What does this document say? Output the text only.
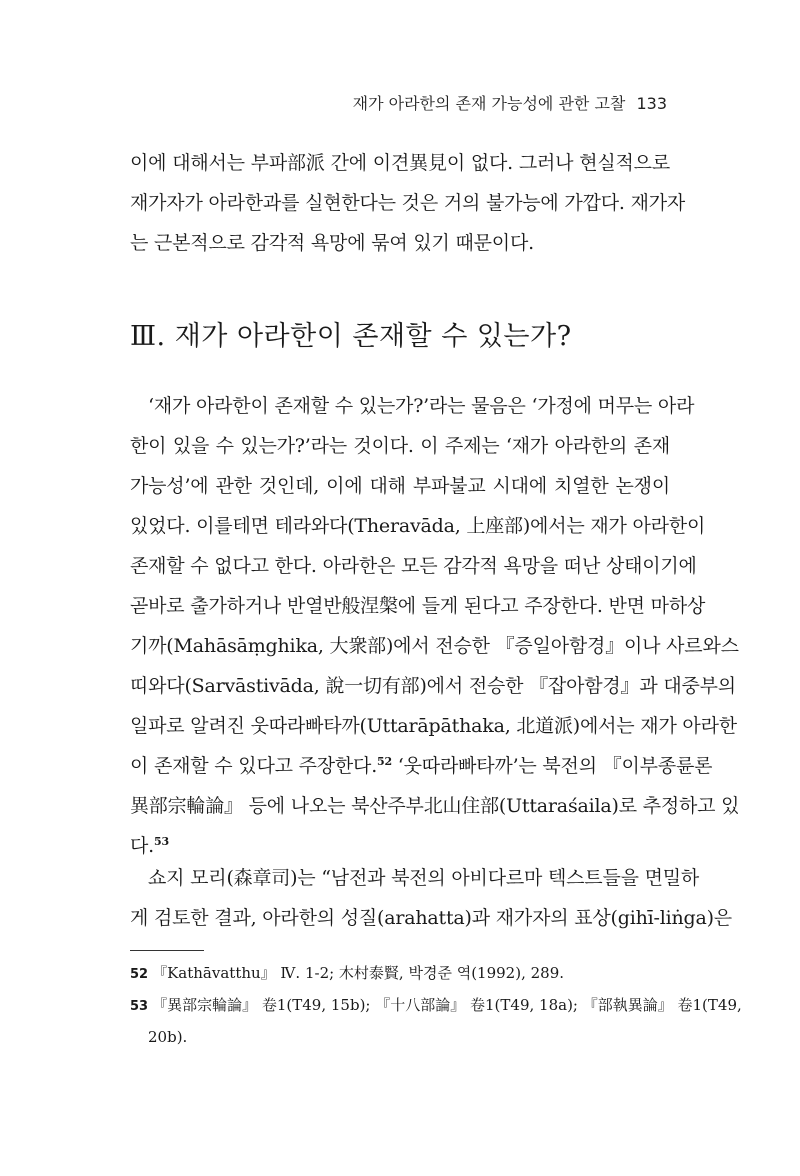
재가 아라한의 존재 가능성에 관한 고찰 133
이에 대해서는 부파部派 간에 이견異見이 없다. 그러나 현실적으로
재가자가 아라한과를 실현한다는 것은 거의 불가능에 가깝다. 재가자
는 근본적으로 감각적 욕망에 묶여 있기 때문이다.
Ⅲ. 재가 아라한이 존재할 수 있는가?
‘재가 아라한이 존재할 수 있는가?’라는 물음은 ‘가정에 머무는 아라
한이 있을 수 있는가?’라는 것이다. 이 주제는 ‘재가 아라한의 존재
가능성’에 관한 것인데, 이에 대해 부파불교 시대에 치열한 논쟁이
있었다. 이를테면 테라와다(Theravāda, 上座部)에서는 재가 아라한이
존재할 수 없다고 한다. 아라한은 모든 감각적 욕망을 떠난 상태이기에
곧바로 출가하거나 반열반般涅槃에 들게 된다고 주장한다. 반면 마하상
기까(Mahāsāṃghika, 大衆部)에서 전승한 『증일아함경』이나 사르와스
띠와다(Sarvāstivāda, 說一切有部)에서 전승한 『잡아함경』과 대중부의
일파로 알려진 웃따라빠타까(Uttarāpāthaka, 北道派)에서는 재가 아라한
이 존재할 수 있다고 주장한다.$^{52}$ ‘웃따라빠타까’는 북전의 『이부종륜론
異部宗輪論』 등에 나오는 북산주부北山住部(Uttaraśaila)로 추정하고 있
다.$^{53}$
쇼지 모리(森章司)는 “남전과 북전의 아비다르마 텍스트들을 면밀하
게 검토한 결과, 아라한의 성질(arahatta)과 재가자의 표상(gihī-liṅga)은
52 『Kathāvatthu』 Ⅳ. 1-2; 木村泰賢, 박경준 역(1992), 289.
53 『異部宗輪論』 卷1(T49, 15b); 『十八部論』 卷1(T49, 18a); 『部執異論』 卷1(T49,
20b).
